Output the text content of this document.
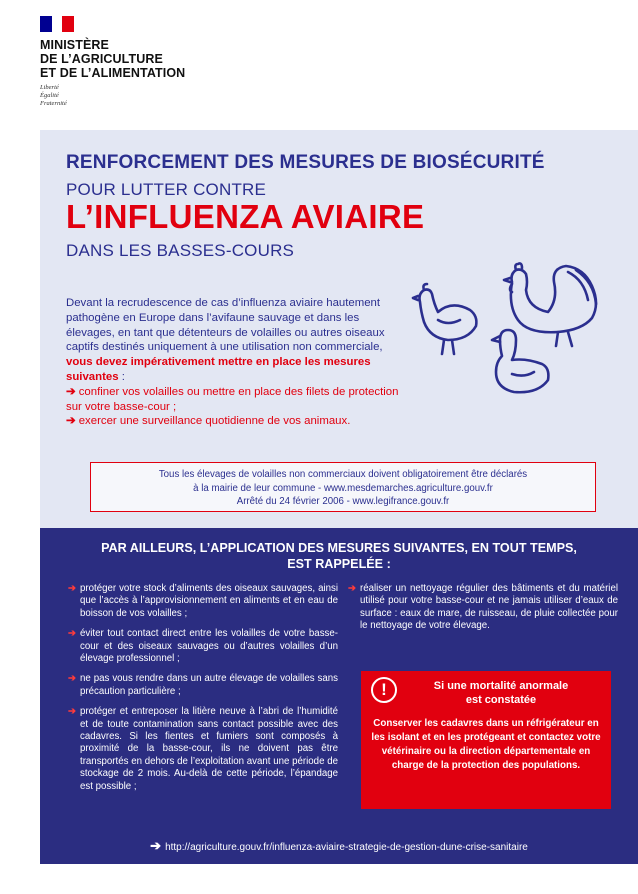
MINISTÈRE
DE L’AGRICULTURE
ET DE L’ALIMENTATION
Liberté
Égalité
Fraternité
RENFORCEMENT DES MESURES DE BIOSÉCURITÉ
POUR LUTTER CONTRE
L’INFLUENZA AVIAIRE
DANS LES BASSES-COURS
Devant la recrudescence de cas d’influenza aviaire hautement pathogène en Europe dans l’avifaune sauvage et dans les élevages, en tant que détenteurs de volailles ou autres oiseaux captifs destinés uniquement à une utilisation non commerciale, vous devez impérativement mettre en place les mesures suivantes :
➔ confiner vos volailles ou mettre en place des filets de protection sur votre basse-cour ;
➔ exercer une surveillance quotidienne de vos animaux.
Tous les élevages de volailles non commerciaux doivent obligatoirement être déclarés
à la mairie de leur commune - www.mesdemarches.agriculture.gouv.fr
Arrêté du 24 février 2006 - www.legifrance.gouv.fr
PAR AILLEURS, L’APPLICATION DES MESURES SUIVANTES, EN TOUT TEMPS,
EST RAPPELÉE :
➔ protéger votre stock d’aliments des oiseaux sauvages, ainsi que l’accès à l’approvisionnement en aliments et en eau de boisson de vos volailles ;
➔ éviter tout contact direct entre les volailles de votre basse-cour et des oiseaux sauvages ou d’autres volailles d’un élevage professionnel ;
➔ ne pas vous rendre dans un autre élevage de volailles sans précaution particulière ;
➔ protéger et entreposer la litière neuve à l’abri de l’humidité et de toute contamination sans contact possible avec des cadavres. Si les fientes et fumiers sont composés à proximité de la basse-cour, ils ne doivent pas être transportés en dehors de l’exploitation avant une période de stockage de 2 mois. Au-delà de cette période, l’épandage est possible ;
➔ réaliser un nettoyage régulier des bâtiments et du matériel utilisé pour votre basse-cour et ne jamais utiliser d’eaux de surface : eaux de mare, de ruisseau, de pluie collectée pour le nettoyage de votre élevage.
!	Si une mortalité anormale
est constatée
Conserver les cadavres dans un réfrigérateur en les isolant et en les protégeant et contactez votre vétérinaire ou la direction départementale en charge de la protection des populations.
➔ http://agriculture.gouv.fr/influenza-aviaire-strategie-de-gestion-dune-crise-sanitaire
